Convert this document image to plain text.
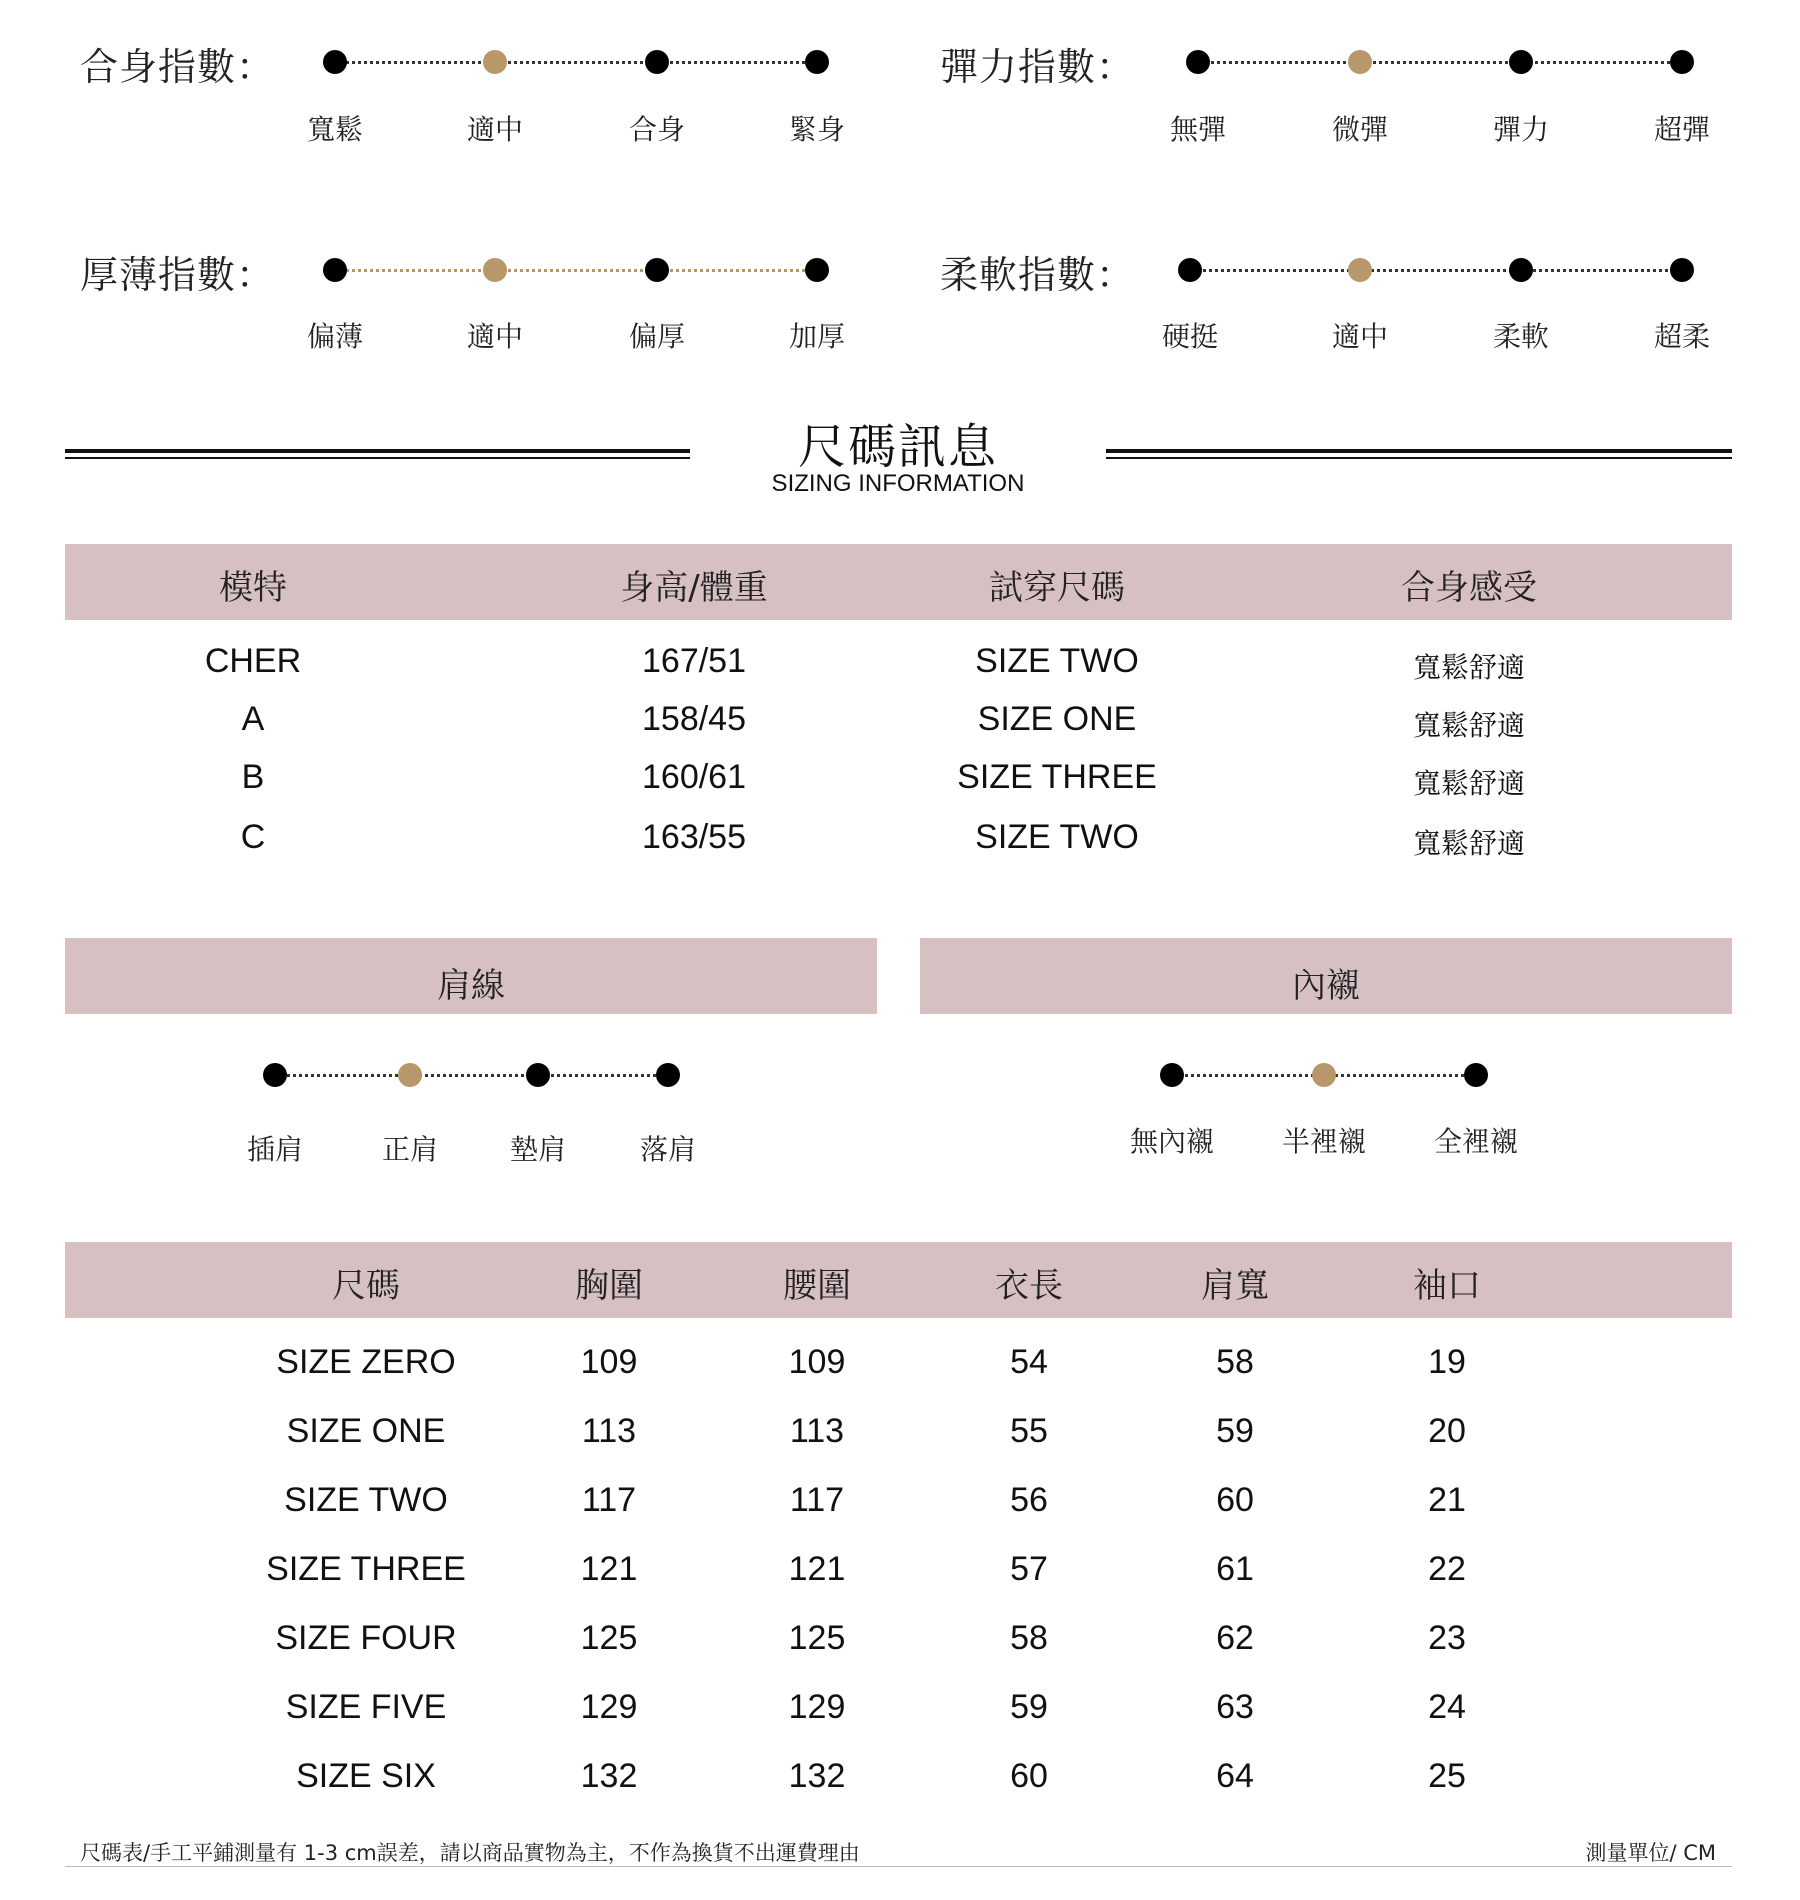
合身指數：	彈力指數：
厚薄指數：	柔軟指數：
尺碼訊息
SIZING INFORMATION
肩線	內襯
尺碼表/手工平鋪測量有 1-3 cm誤差，請以商品實物為主，不作為換貨不出運費理由	測量單位/ CM
寬鬆	適中	合身	緊身	無彈	微彈	彈力	超彈
偏薄	適中	偏厚	加厚	硬挺	適中	柔軟	超柔
插肩	正肩	墊肩	落肩	無內襯 半裡襯 全裡襯
模特	身高/體重	試穿尺碼	合身感受
CHER	167/51	SIZE TWO	寬鬆舒適
A	158/45	SIZE ONE	寬鬆舒適
B	160/61	SIZE THREE	寬鬆舒適
C	163/55	SIZE TWO	寬鬆舒適
尺碼	胸圍	腰圍	衣長	肩寬	袖口
SIZE ZERO	109	109	54	58	19
SIZE ONE	113	113	55	59	20
SIZE TWO	117	117	56	60	21
SIZE THREE	121	121	57	61	22
SIZE FOUR	125	125	58	62	23
SIZE FIVE	129	129	59	63	24
SIZE SIX	132	132	60	64	25
